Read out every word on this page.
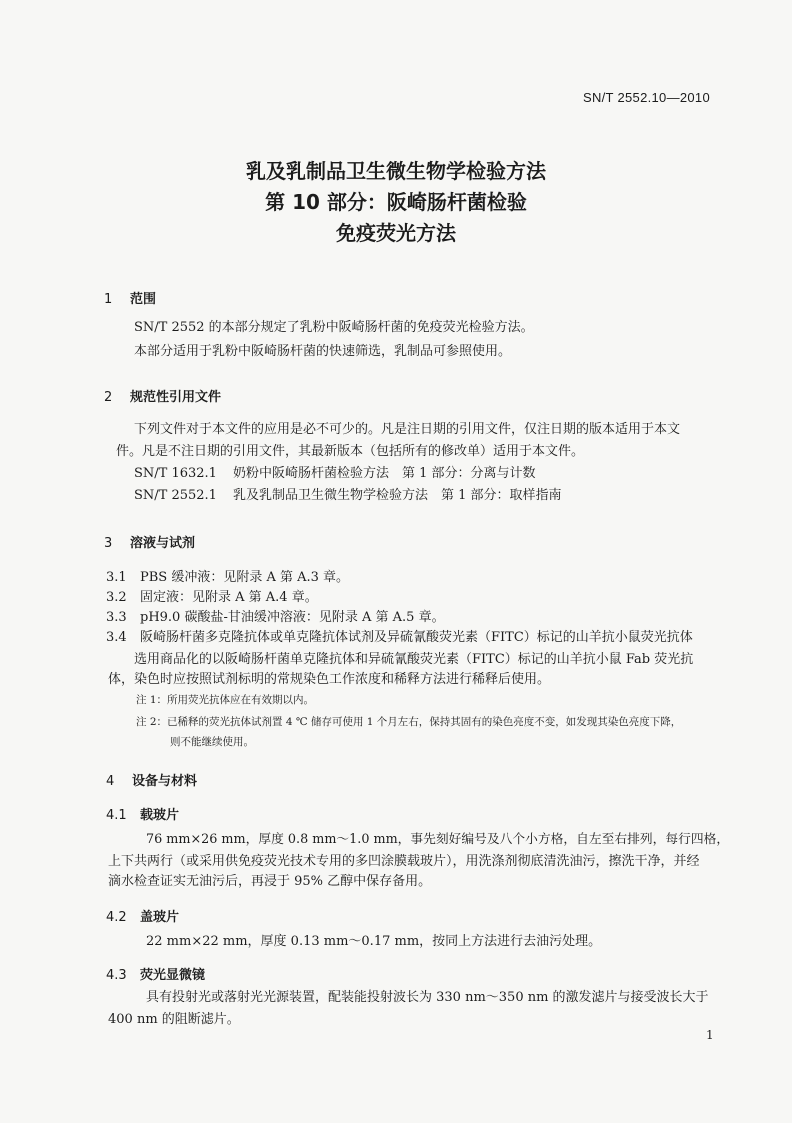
SN/T 2552.10—2010
乳及乳制品卫生微生物学检验方法
第 10 部分：阪崎肠杆菌检验
免疫荧光方法
1 范围
SN/T 2552 的本部分规定了乳粉中阪崎肠杆菌的免疫荧光检验方法。
本部分适用于乳粉中阪崎肠杆菌的快速筛选，乳制品可参照使用。
2 规范性引用文件
下列文件对于本文件的应用是必不可少的。凡是注日期的引用文件，仅注日期的版本适用于本文
件。凡是不注日期的引用文件，其最新版本（包括所有的修改单）适用于本文件。
SN/T 1632.1 奶粉中阪崎肠杆菌检验方法　第 1 部分：分离与计数
SN/T 2552.1 乳及乳制品卫生微生物学检验方法　第 1 部分：取样指南
3 溶液与试剂
3.1 PBS 缓冲液：见附录 A 第 A.3 章。
3.2 固定液：见附录 A 第 A.4 章。
3.3 pH9.0 碳酸盐-甘油缓冲溶液：见附录 A 第 A.5 章。
3.4 阪崎肠杆菌多克隆抗体或单克隆抗体试剂及异硫氰酸荧光素（FITC）标记的山羊抗小鼠荧光抗体
选用商品化的以阪崎肠杆菌单克隆抗体和异硫氰酸荧光素（FITC）标记的山羊抗小鼠 Fab 荧光抗
体，染色时应按照试剂标明的常规染色工作浓度和稀释方法进行稀释后使用。
注 1：所用荧光抗体应在有效期以内。
注 2：已稀释的荧光抗体试剂置 4 ℃ 储存可使用 1 个月左右，保持其固有的染色亮度不变，如发现其染色亮度下降，
则不能继续使用。
4 设备与材料
4.1 载玻片
76 mm×26 mm，厚度 0.8 mm～1.0 mm，事先刻好编号及八个小方格，自左至右排列，每行四格，
上下共两行（或采用供免疫荧光技术专用的多凹涂膜载玻片），用洗涤剂彻底清洗油污，擦洗干净，并经
滴水检查证实无油污后，再浸于 95% 乙醇中保存备用。
4.2 盖玻片
22 mm×22 mm，厚度 0.13 mm～0.17 mm，按同上方法进行去油污处理。
4.3 荧光显微镜
具有投射光或落射光光源装置，配装能投射波长为 330 nm～350 nm 的激发滤片与接受波长大于
400 nm 的阻断滤片。
1
